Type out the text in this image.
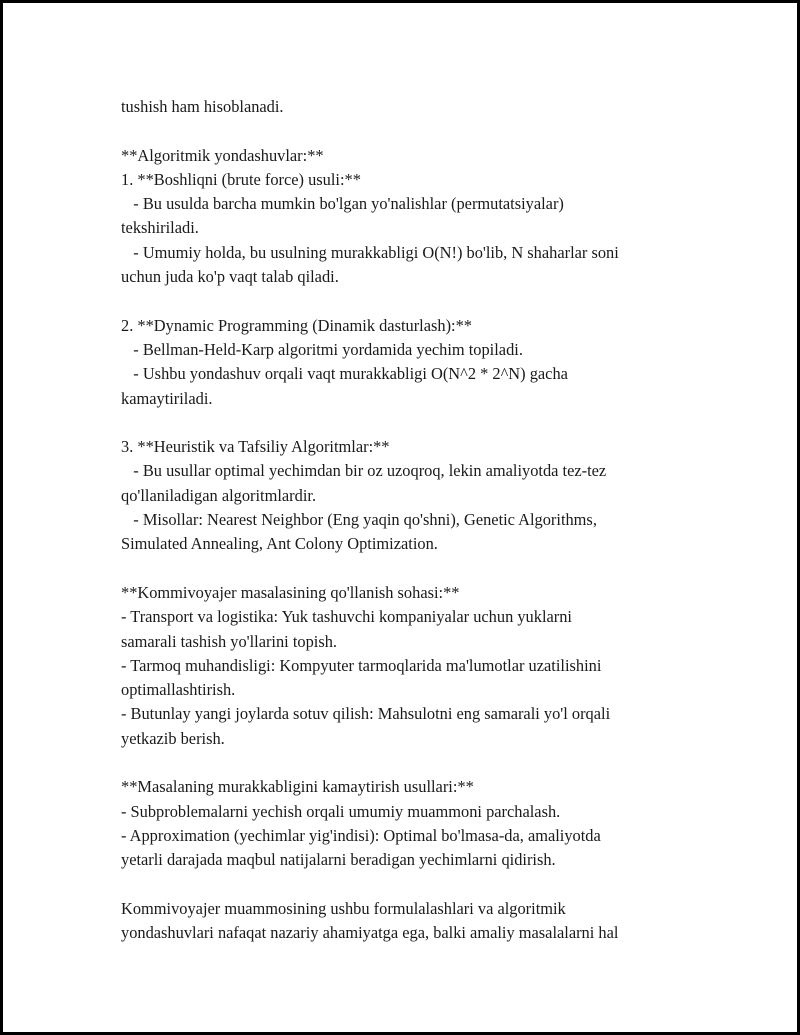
tushish ham hisoblanadi.
**Algoritmik yondashuvlar:**
1. **Boshliqni (brute force) usuli:**
- Bu usulda barcha mumkin bo'lgan yo'nalishlar (permutatsiyalar)
tekshiriladi.
- Umumiy holda, bu usulning murakkabligi O(N!) bo'lib, N shaharlar soni
uchun juda ko'p vaqt talab qiladi.
2. **Dynamic Programming (Dinamik dasturlash):**
- Bellman-Held-Karp algoritmi yordamida yechim topiladi.
- Ushbu yondashuv orqali vaqt murakkabligi O(N^2 * 2^N) gacha
kamaytiriladi.
3. **Heuristik va Tafsiliy Algoritmlar:**
- Bu usullar optimal yechimdan bir oz uzoqroq, lekin amaliyotda tez-tez
qo'llaniladigan algoritmlardir.
- Misollar: Nearest Neighbor (Eng yaqin qo'shni), Genetic Algorithms,
Simulated Annealing, Ant Colony Optimization.
**Kommivoyajer masalasining qo'llanish sohasi:**
- Transport va logistika: Yuk tashuvchi kompaniyalar uchun yuklarni
samarali tashish yo'llarini topish.
- Tarmoq muhandisligi: Kompyuter tarmoqlarida ma'lumotlar uzatilishini
optimallashtirish.
- Butunlay yangi joylarda sotuv qilish: Mahsulotni eng samarali yo'l orqali
yetkazib berish.
**Masalaning murakkabligini kamaytirish usullari:**
- Subproblemalarni yechish orqali umumiy muammoni parchalash.
- Approximation (yechimlar yig'indisi): Optimal bo'lmasa-da, amaliyotda
yetarli darajada maqbul natijalarni beradigan yechimlarni qidirish.
Kommivoyajer muammosining ushbu formulalashlari va algoritmik
yondashuvlari nafaqat nazariy ahamiyatga ega, balki amaliy masalalarni hal
